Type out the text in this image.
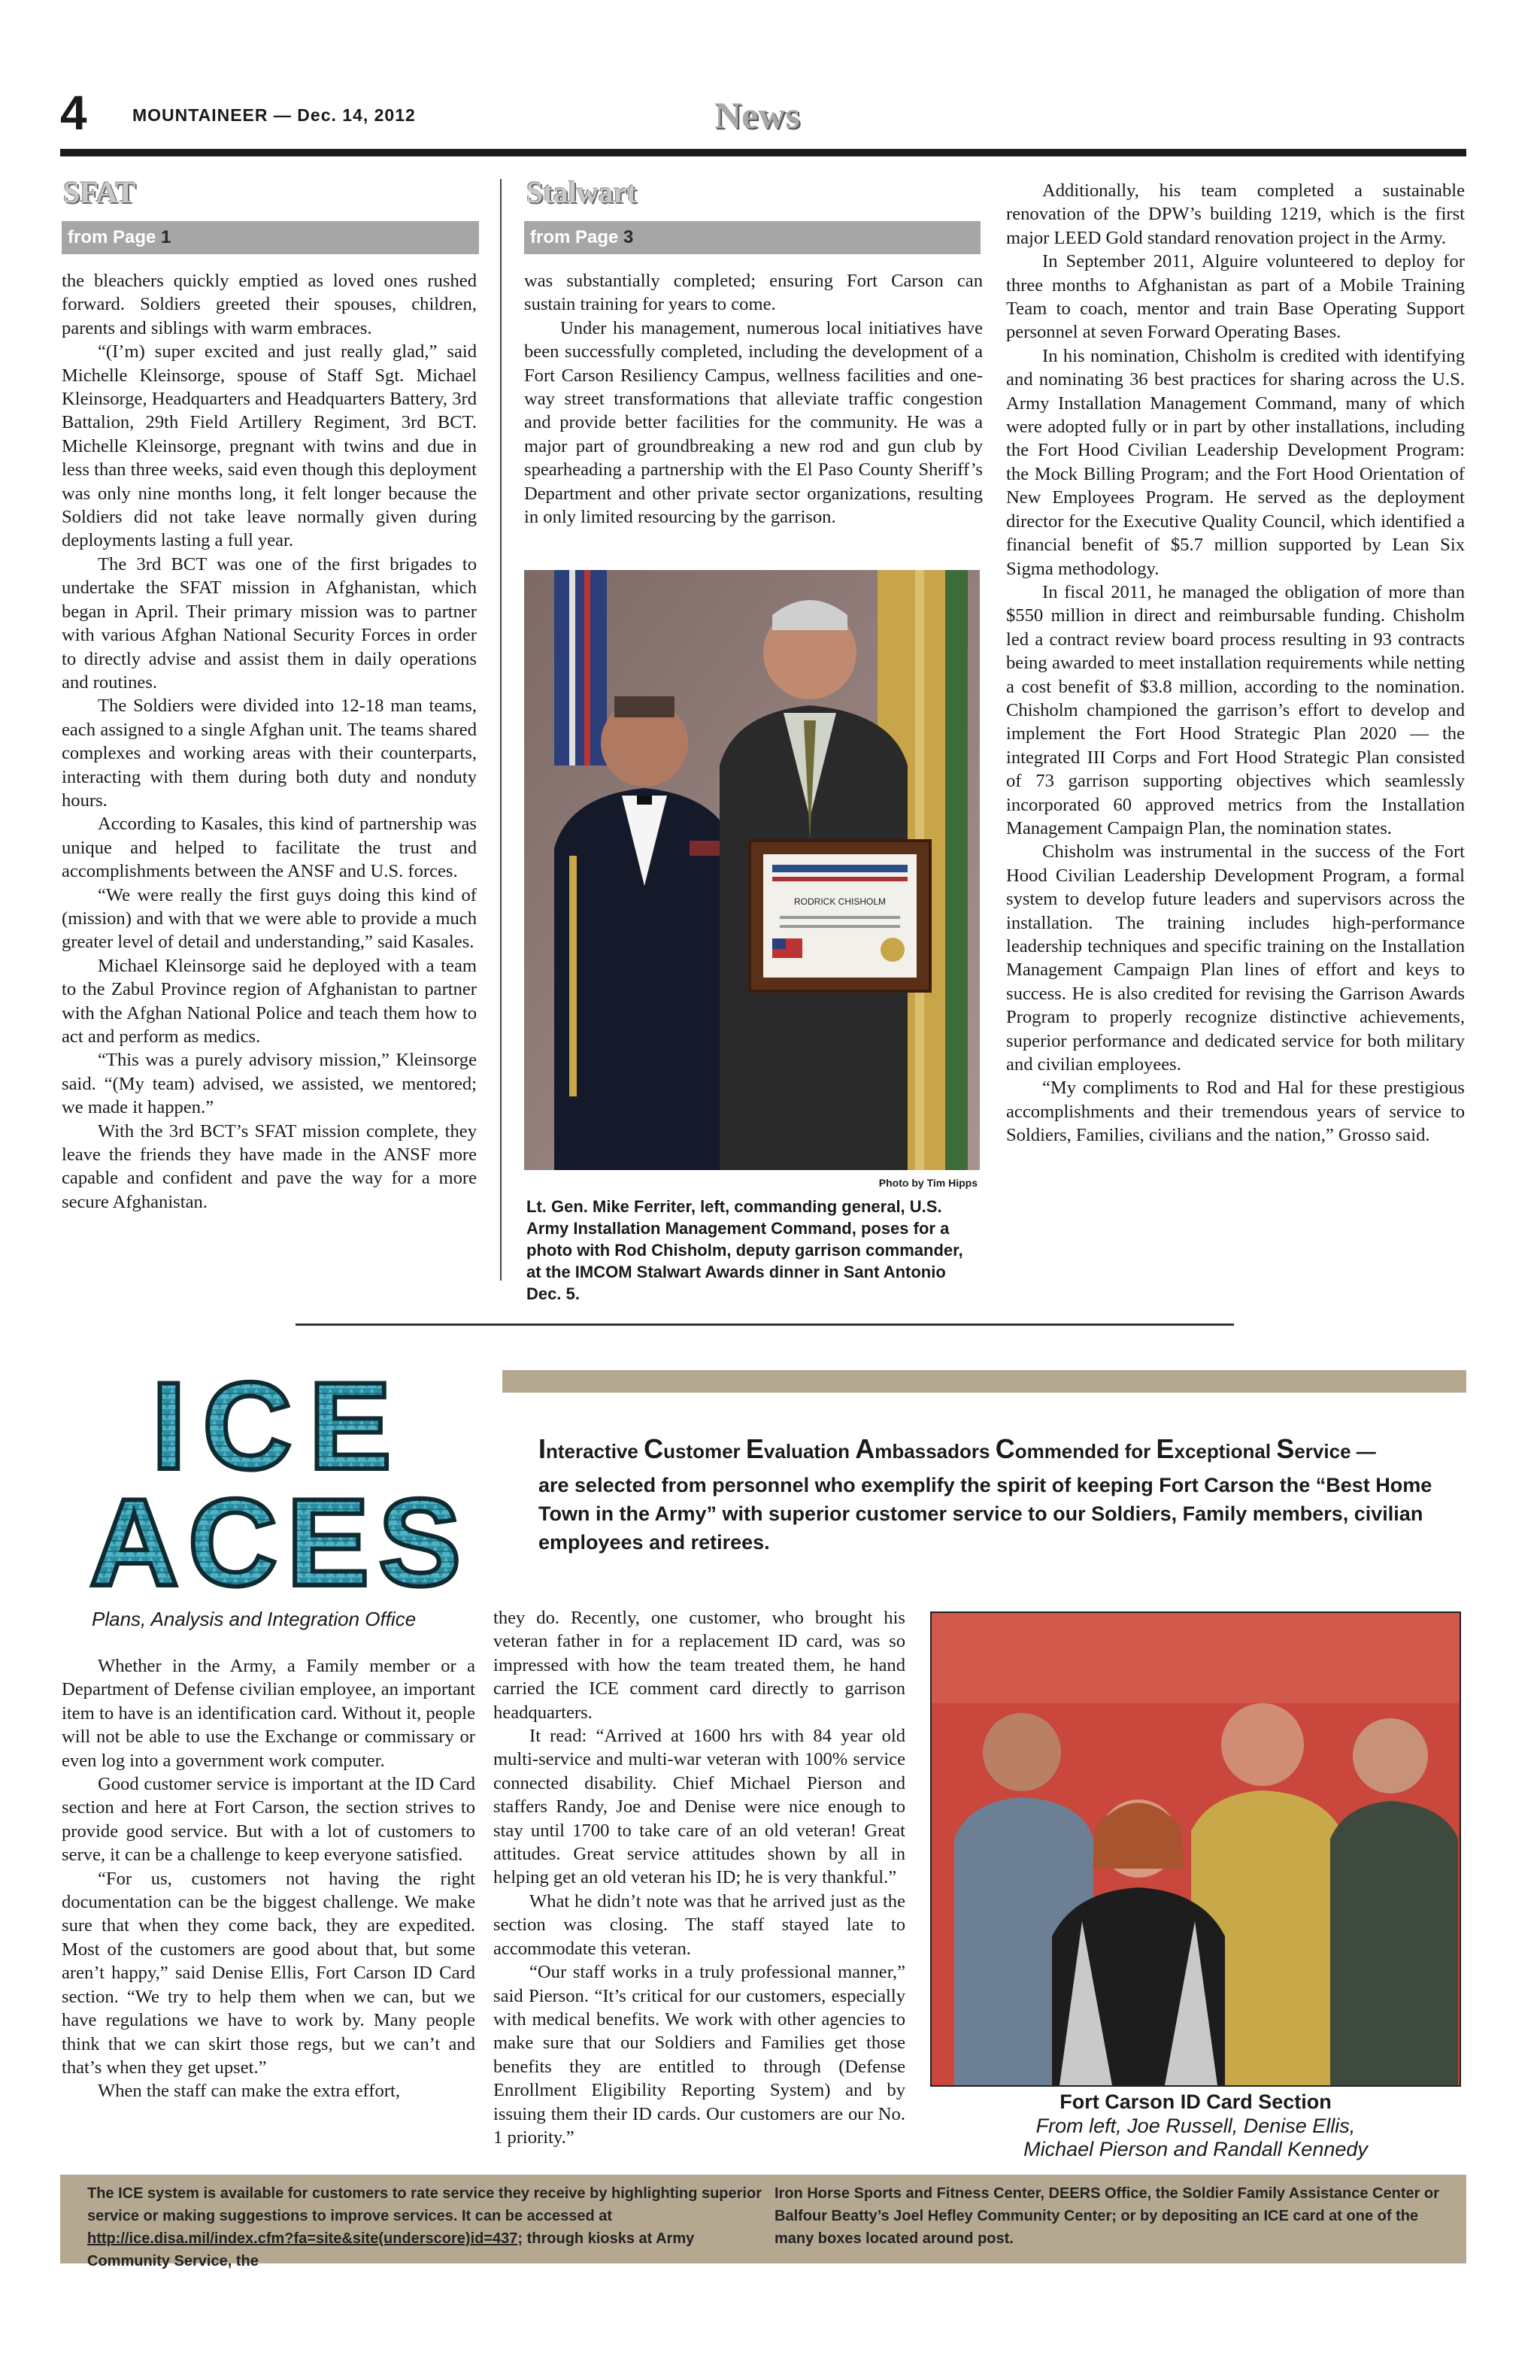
4	MOUNTAINEER — Dec. 14, 2012	News
SFAT
from Page 1

the bleachers quickly emptied as loved ones rushed forward. Soldiers greeted their spouses, children, parents and siblings with warm embraces.

“(I’m) super excited and just really glad,” said Michelle Kleinsorge, spouse of Staff Sgt. Michael Kleinsorge, Headquarters and Headquarters Battery, 3rd Battalion, 29th Field Artillery Regiment, 3rd BCT. Michelle Kleinsorge, pregnant with twins and due in less than three weeks, said even though this deployment was only nine months long, it felt longer because the Soldiers did not take leave normally given during deployments lasting a full year.

The 3rd BCT was one of the first brigades to undertake the SFAT mission in Afghanistan, which began in April. Their primary mission was to partner with various Afghan National Security Forces in order to directly advise and assist them in daily operations and routines.

The Soldiers were divided into 12-18 man teams, each assigned to a single Afghan unit. The teams shared complexes and working areas with their counterparts, interacting with them during both duty and nonduty hours.

According to Kasales, this kind of partnership was unique and helped to facilitate the trust and accomplishments between the ANSF and U.S. forces.

“We were really the first guys doing this kind of (mission) and with that we were able to provide a much greater level of detail and understanding,” said Kasales.

Michael Kleinsorge said he deployed with a team to the Zabul Province region of Afghanistan to partner with the Afghan National Police and teach them how to act and perform as medics.

“This was a purely advisory mission,” Kleinsorge said. “(My team) advised, we assisted, we mentored; we made it happen.”

With the 3rd BCT’s SFAT mission complete, they leave the friends they have made in the ANSF more capable and confident and pave the way for a more secure Afghanistan.

Stalwart
from Page 3

was substantially completed; ensuring Fort Carson can sustain training for years to come.

Under his management, numerous local initiatives have been successfully completed, including the development of a Fort Carson Resiliency Campus, wellness facilities and one-way street transformations that alleviate traffic congestion and provide better facilities for the community. He was a major part of groundbreaking a new rod and gun club by spearheading a partnership with the El Paso County Sheriff’s Department and other private sector organizations, resulting in only limited resourcing by the garrison.

RODRICK CHISHOLM
Photo by Tim Hipps
Lt. Gen. Mike Ferriter, left, commanding general, U.S. Army Installation Management Command, poses for a photo with Rod Chisholm, deputy garrison commander, at the IMCOM Stalwart Awards dinner in Sant Antonio Dec. 5.

Additionally, his team completed a sustainable renovation of the DPW’s building 1219, which is the first major LEED Gold standard renovation project in the Army.

In September 2011, Alguire volunteered to deploy for three months to Afghanistan as part of a Mobile Training Team to coach, mentor and train Base Operating Support personnel at seven Forward Operating Bases.

In his nomination, Chisholm is credited with identifying and nominating 36 best practices for sharing across the U.S. Army Installation Management Command, many of which were adopted fully or in part by other installations, including the Fort Hood Civilian Leadership Development Program: the Mock Billing Program; and the Fort Hood Orientation of New Employees Program. He served as the deployment director for the Executive Quality Council, which identified a financial benefit of $5.7 million supported by Lean Six Sigma methodology.

In fiscal 2011, he managed the obligation of more than $550 million in direct and reimbursable funding. Chisholm led a contract review board process resulting in 93 contracts being awarded to meet installation requirements while netting a cost benefit of $3.8 million, according to the nomination. Chisholm championed the garrison’s effort to develop and implement the Fort Hood Strategic Plan 2020 — the integrated III Corps and Fort Hood Strategic Plan consisted of 73 garrison supporting objectives which seamlessly incorporated 60 approved metrics from the Installation Management Campaign Plan, the nomination states.

Chisholm was instrumental in the success of the Fort Hood Civilian Leadership Development Program, a formal system to develop future leaders and supervisors across the installation. The training includes high-performance leadership techniques and specific training on the Installation Management Campaign Plan lines of effort and keys to success. He is also credited for revising the Garrison Awards Program to properly recognize distinctive achievements, superior performance and dedicated service for both military and civilian employees.

“My compliments to Rod and Hal for these prestigious accomplishments and their tremendous years of service to Soldiers, Families, civilians and the nation,” Grosso said.

ICE
ACES
Interactive Customer Evaluation Ambassadors Commended for Exceptional Service —
are selected from personnel who exemplify the spirit of keeping Fort Carson the “Best Home Town in the Army” with superior customer service to our Soldiers, Family members, civilian employees and retirees.
Plans, Analysis and Integration Office

Whether in the Army, a Family member or a Department of Defense civilian employee, an important item to have is an identification card. Without it, people will not be able to use the Exchange or commissary or even log into a government work computer.

Good customer service is important at the ID Card section and here at Fort Carson, the section strives to provide good service. But with a lot of customers to serve, it can be a challenge to keep everyone satisfied.

“For us, customers not having the right documentation can be the biggest challenge. We make sure that when they come back, they are expedited. Most of the customers are good about that, but some aren’t happy,” said Denise Ellis, Fort Carson ID Card section. “We try to help them when we can, but we have regulations we have to work by. Many people think that we can skirt those regs, but we can’t and that’s when they get upset.”

When the staff can make the extra effort,

they do. Recently, one customer, who brought his veteran father in for a replacement ID card, was so impressed with how the team treated them, he hand carried the ICE comment card directly to garrison headquarters.

It read: “Arrived at 1600 hrs with 84 year old multi-service and multi-war veteran with 100% service connected disability. Chief Michael Pierson and staffers Randy, Joe and Denise were nice enough to stay until 1700 to take care of an old veteran! Great attitudes. Great service attitudes shown by all in helping get an old veteran his ID; he is very thankful.”

What he didn’t note was that he arrived just as the section was closing. The staff stayed late to accommodate this veteran.

“Our staff works in a truly professional manner,” said Pierson. “It’s critical for our customers, especially with medical benefits. We work with other agencies to make sure that our Soldiers and Families get those benefits they are entitled to through (Defense Enrollment Eligibility Reporting System) and by issuing them their ID cards. Our customers are our No. 1 priority.”

Fort Carson ID Card Section
From left, Joe Russell, Denise Ellis,
Michael Pierson and Randall Kennedy
The ICE system is available for customers to rate service they receive by highlighting superior service or making suggestions to improve services. It can be accessed at http://ice.disa.mil/index.cfm?fa=site&site(underscore)id=437; through kiosks at Army Community Service, the
Iron Horse Sports and Fitness Center, DEERS Office, the Soldier Family Assistance Center or Balfour Beatty’s Joel Hefley Community Center; or by depositing an ICE card at one of the many boxes located around post.
